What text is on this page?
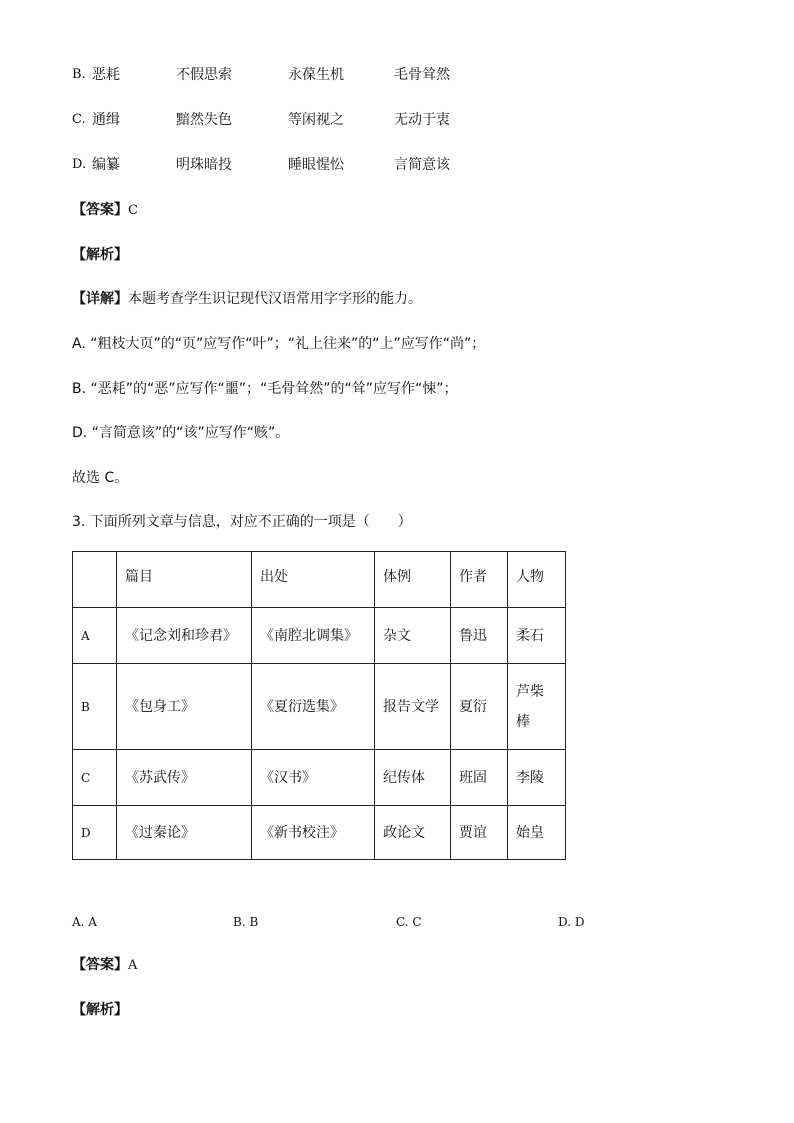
B. 恶耗	不假思索	永葆生机	毛骨耸然
C. 通缉	黯然失色	等闲视之	无动于衷
D. 编纂	明珠暗投	睡眼惺忪	言简意该
【答案】C
【解析】
【详解】本题考查学生识记现代汉语常用字字形的能力。
A. “粗枝大页”的“页”应写作“叶”；“礼上往来”的“上”应写作“尚”；
B. “恶耗”的“恶”应写作“噩”；“毛骨耸然”的“耸”应写作“悚”；
D. “言简意该”的“该”应写作“赅”。
故选 C。
3. 下面所列文章与信息，对应不正确的一项是（　　）
	篇目	出处	体例	作者	人物
A	《记念刘和珍君》	《南腔北调集》	杂文	鲁迅	柔石
B	《包身工》	《夏衍选集》	报告文学	夏衍	芦柴棒
C	《苏武传》	《汉书》	纪传体	班固	李陵
D	《过秦论》	《新书校注》	政论文	贾谊	始皇
A. A	B. B	C. C	D. D
【答案】A
【解析】
